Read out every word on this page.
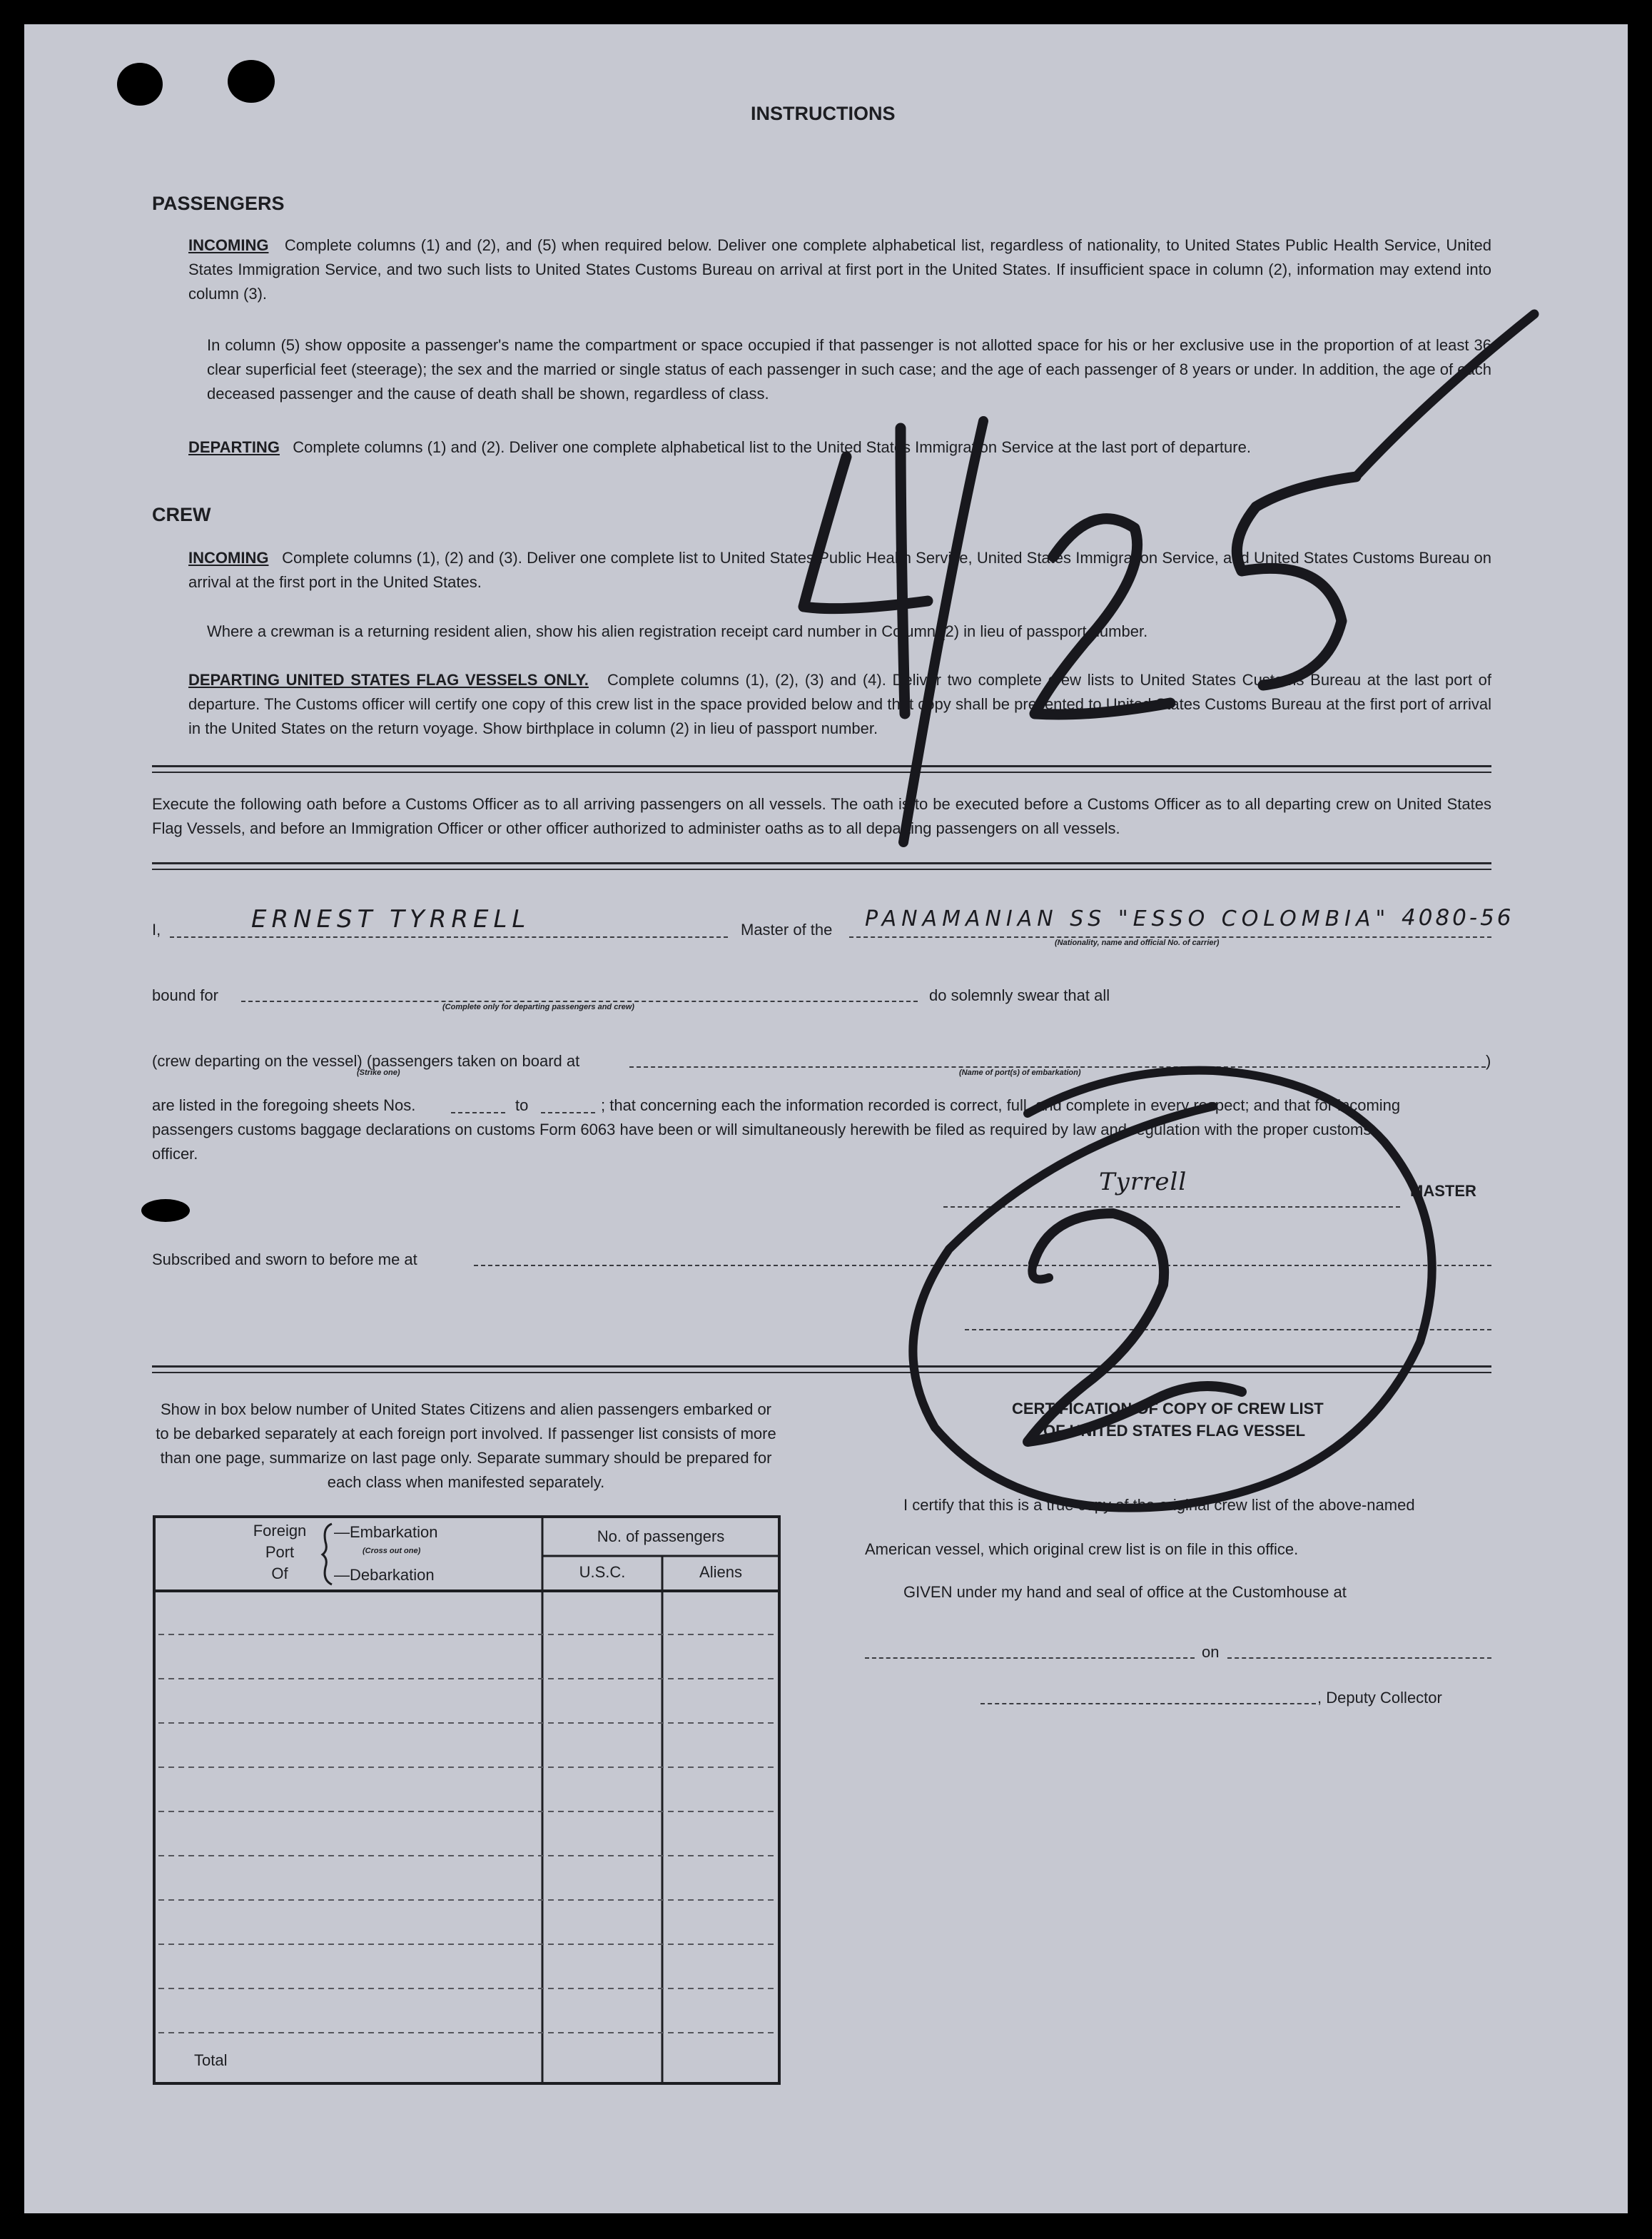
INSTRUCTIONS
PASSENGERS
INCOMING Complete columns (1) and (2), and (5) when required below. Deliver one complete alphabetical list, regardless of nationality, to United States Public Health Service, United States Immigration Service, and two such lists to United States Customs Bureau on arrival at first port in the United States. If insufficient space in column (2), information may extend into column (3).
In column (5) show opposite a passenger's name the compartment or space occupied if that passenger is not allotted space for his or her exclusive use in the proportion of at least 36 clear superficial feet (steerage); the sex and the married or single status of each passenger in such case; and the age of each passenger of 8 years or under. In addition, the age of each deceased passenger and the cause of death shall be shown, regardless of class.
DEPARTING Complete columns (1) and (2). Deliver one complete alphabetical list to the United States Immigration Service at the last port of departure.
CREW
INCOMING Complete columns (1), (2) and (3). Deliver one complete list to United States Public Health Service, United States Immigration Service, and United States Customs Bureau on arrival at the first port in the United States.
Where a crewman is a returning resident alien, show his alien registration receipt card number in Column (2) in lieu of passport number.
DEPARTING UNITED STATES FLAG VESSELS ONLY. Complete columns (1), (2), (3) and (4). Deliver two complete crew lists to United States Customs Bureau at the last port of departure. The Customs officer will certify one copy of this crew list in the space provided below and that copy shall be presented to United States Customs Bureau at the first port of arrival in the United States on the return voyage. Show birthplace in column (2) in lieu of passport number.
Execute the following oath before a Customs Officer as to all arriving passengers on all vessels. The oath is to be executed before a Customs Officer as to all departing crew on United States Flag Vessels, and before an Immigration Officer or other officer authorized to administer oaths as to all departing passengers on all vessels.
I,	ERNEST TYRRELL	Master of the PANAMANIAN SS "ESSO COLOMBIA" 4080-56
(Nationality, name and official No. of carrier)
bound for
(Complete only for departing passengers and crew)
do solemnly swear that all
(crew departing on the vessel) (passengers taken on board at	)
(Strike one)	(Name of port(s) of embarkation)
are listed in the foregoing sheets Nos.	to	; that concerning each the information recorded is correct, full, and complete in every respect; and that for incoming
passengers customs baggage declarations on customs Form 6063 have been or will simultaneously herewith be filed as required by law and regulation with the proper customs
officer.
Tyrrell	MASTER
Subscribed and sworn to before me at
Show in box below number of United States Citizens and alien passengers embarked or to be debarked separately at each foreign port involved. If passenger list consists of more than one page, summarize on last page only. Separate summary should be prepared for each class when manifested separately.
Foreign
Port
Of
—Embarkation
(Cross out one)
—Debarkation
No. of passengers
U.S.C.	Aliens
Total
CERTIFICATION OF COPY OF CREW LIST
OF UNITED STATES FLAG VESSEL
I certify that this is a true copy of the original crew list of the above-named
American vessel, which original crew list is on file in this office.
GIVEN under my hand and seal of office at the Customhouse at
on
, Deputy Collector
